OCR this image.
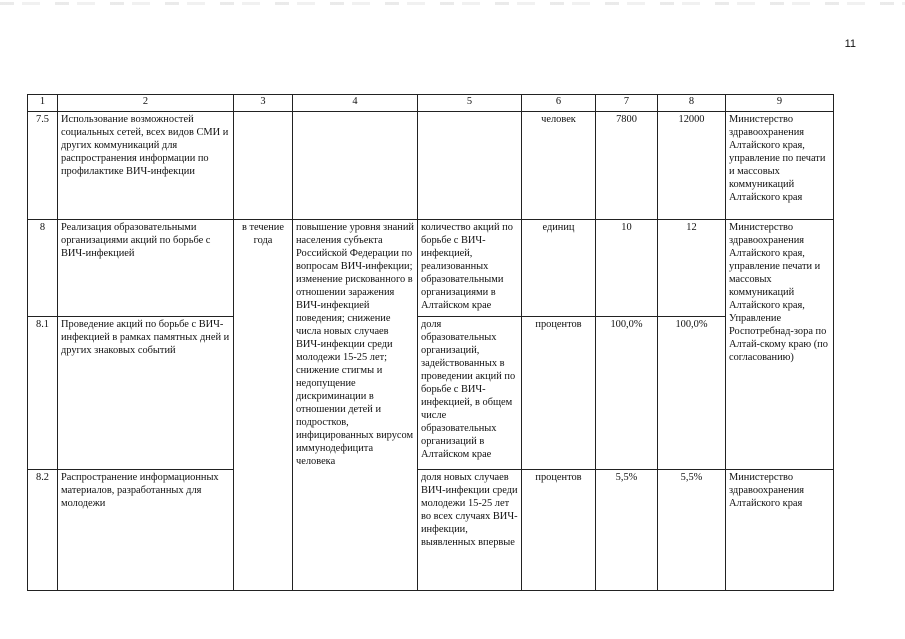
11
1	2	3	4	5	6	7	8	9
7.5	Использование возможностей социальных сетей, всех видов СМИ и других коммуникаций для распространения информации по профилактике ВИЧ-инфекции				человек	7800	12000	Министерство здравоохранения Алтайского края, управление по печати и массовых коммуникаций Алтайского края
8	Реализация образовательными организациями акций по борьбе с ВИЧ-инфекцией	в течение года	повышение уровня знаний населения субъекта Российской Федерации по вопросам ВИЧ-инфекции; изменение рискованного в отношении заражения ВИЧ-инфекцией поведения; снижение числа новых случаев ВИЧ-инфекции среди молодежи 15-25 лет; снижение стигмы и недопущение дискриминации в отношении детей и подростков, инфицированных вирусом иммунодефицита человека	количество акций по борьбе с ВИЧ-инфекцией, реализованных образовательными организациями в Алтайском крае	единиц	10	12	Министерство здравоохранения Алтайского края, управление печати и массовых коммуникаций Алтайского края, Управление Роспотребнад-зора по Алтай-скому краю (по согласованию)
8.1	Проведение акций по борьбе с ВИЧ-инфекцией в рамках памятных дней и других знаковых событий			доля образовательных организаций, задействованных в проведении акций по борьбе с ВИЧ-инфекцией, в общем числе образовательных организаций в Алтайском крае	процентов	100,0%	100,0%	
8.2	Распространение информационных материалов, разработанных для молодежи			доля новых случаев ВИЧ-инфекции среди молодежи 15-25 лет во всех случаях ВИЧ-инфекции, выявленных впервые	процентов	5,5%	5,5%	Министерство здравоохранения Алтайского края
